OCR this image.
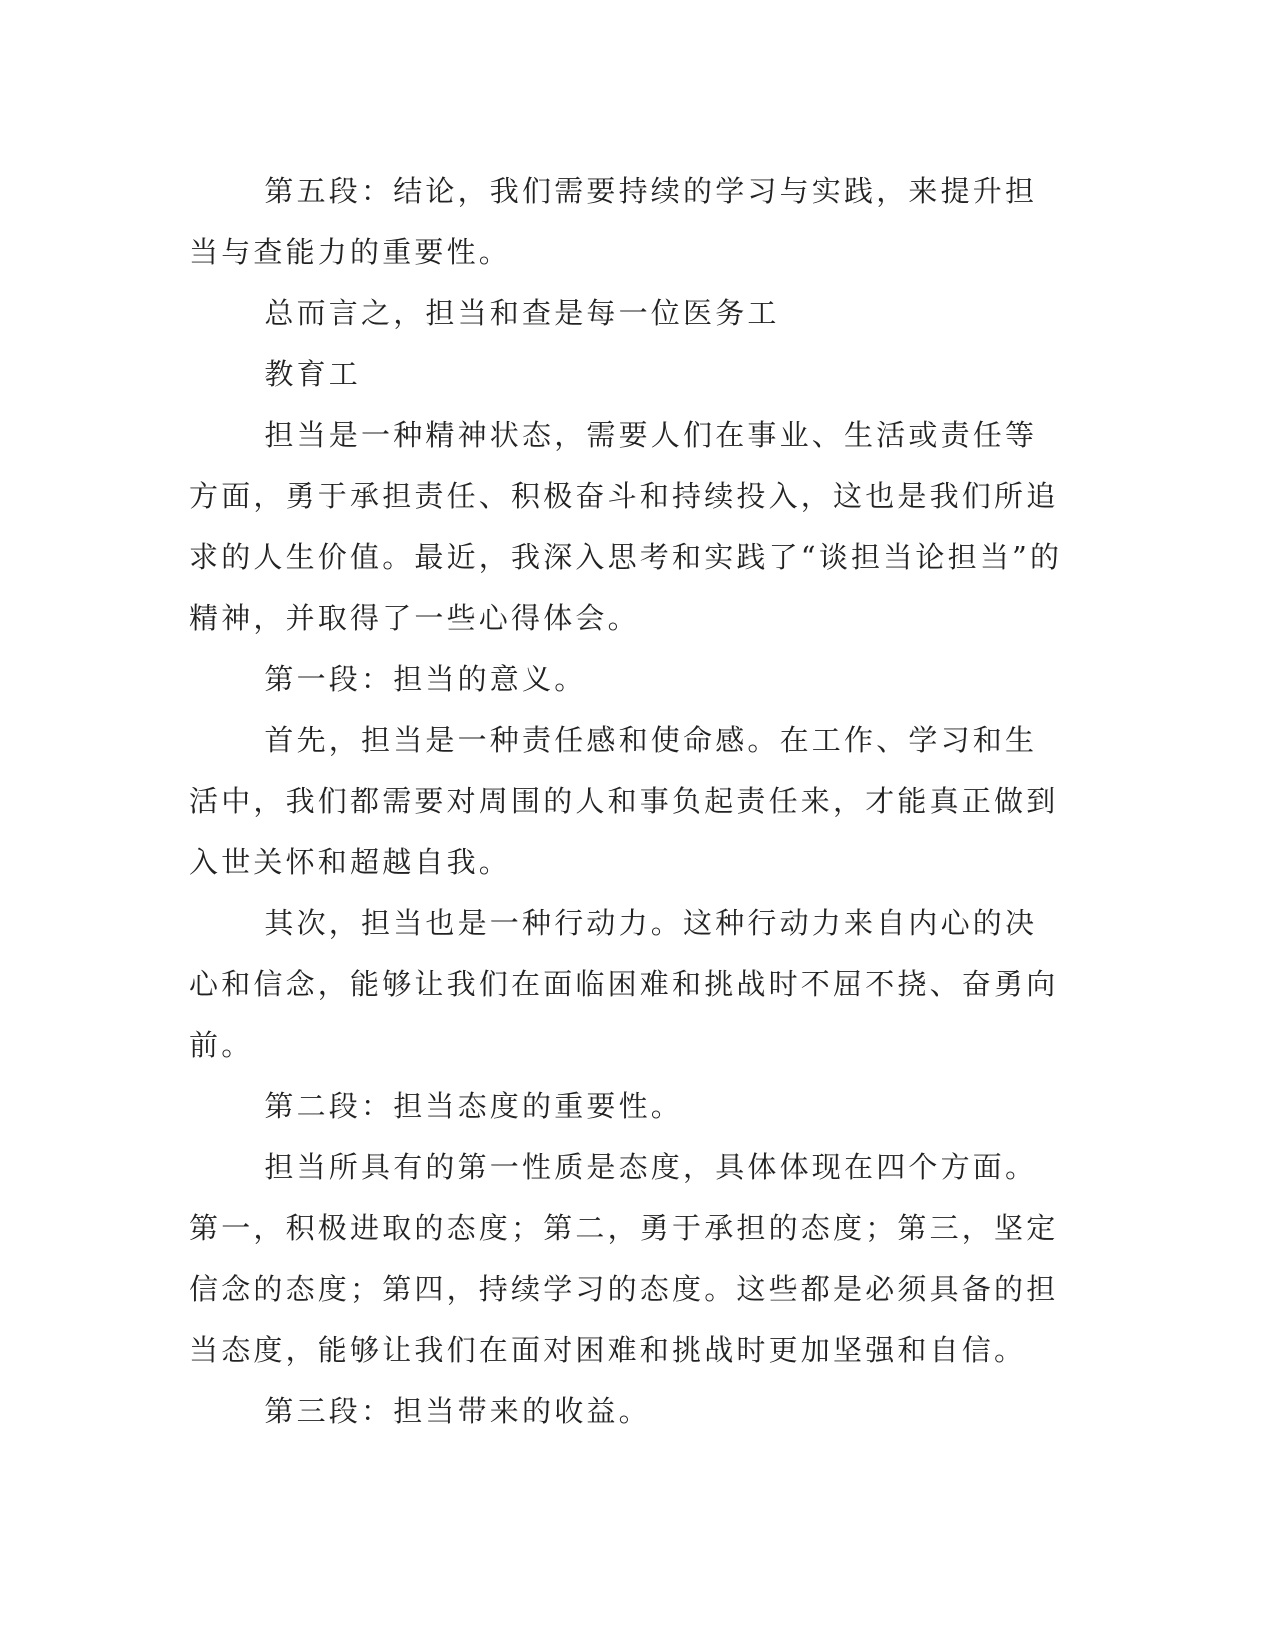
第五段：结论，我们需要持续的学习与实践，来提升担当与查能力的重要性。

总而言之，担当和查是每一位医务工

教育工

担当是一种精神状态，需要人们在事业、生活或责任等方面，勇于承担责任、积极奋斗和持续投入，这也是我们所追求的人生价值。最近，我深入思考和实践了“谈担当论担当”的精神，并取得了一些心得体会。

第一段：担当的意义。

首先，担当是一种责任感和使命感。在工作、学习和生活中，我们都需要对周围的人和事负起责任来，才能真正做到入世关怀和超越自我。

其次，担当也是一种行动力。这种行动力来自内心的决心和信念，能够让我们在面临困难和挑战时不屈不挠、奋勇向前。

第二段：担当态度的重要性。

担当所具有的第一性质是态度，具体体现在四个方面。第一，积极进取的态度；第二，勇于承担的态度；第三，坚定信念的态度；第四，持续学习的态度。这些都是必须具备的担当态度，能够让我们在面对困难和挑战时更加坚强和自信。

第三段：担当带来的收益。
